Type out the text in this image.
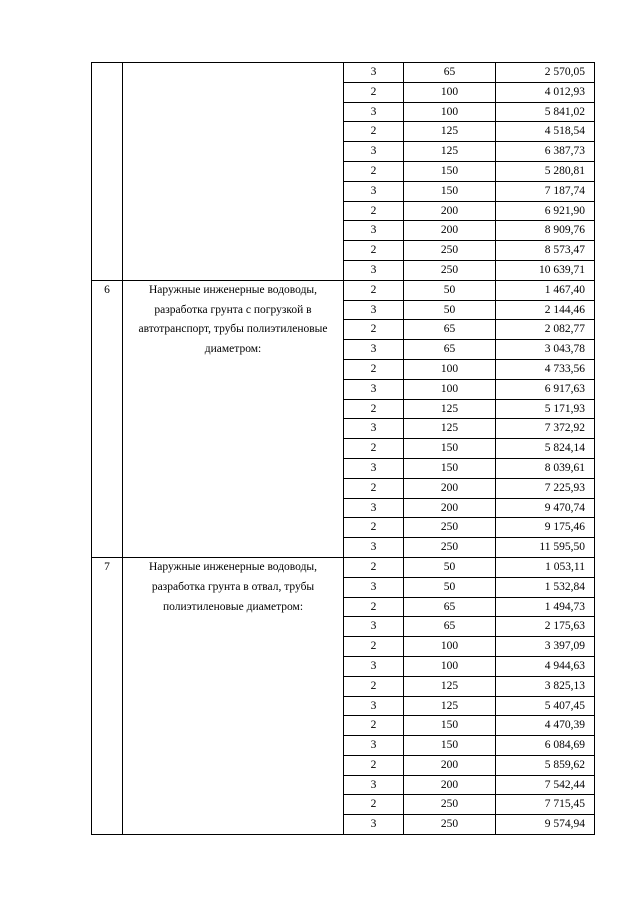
		3	65	2 570,05
		2	100	4 012,93
		3	100	5 841,02
		2	125	4 518,54
		3	125	6 387,73
		2	150	5 280,81
		3	150	7 187,74
		2	200	6 921,90
		3	200	8 909,76
		2	250	8 573,47
		3	250	10 639,71
6	Наружные инженерные водоводы, разработка грунта с погрузкой в автотранспорт, трубы полиэтиленовые диаметром:	2	50	1 467,40
		3	50	2 144,46
		2	65	2 082,77
		3	65	3 043,78
		2	100	4 733,56
		3	100	6 917,63
		2	125	5 171,93
		3	125	7 372,92
		2	150	5 824,14
		3	150	8 039,61
		2	200	7 225,93
		3	200	9 470,74
		2	250	9 175,46
		3	250	11 595,50
7	Наружные инженерные водоводы, разработка грунта в отвал, трубы полиэтиленовые диаметром:	2	50	1 053,11
		3	50	1 532,84
		2	65	1 494,73
		3	65	2 175,63
		2	100	3 397,09
		3	100	4 944,63
		2	125	3 825,13
		3	125	5 407,45
		2	150	4 470,39
		3	150	6 084,69
		2	200	5 859,62
		3	200	7 542,44
		2	250	7 715,45
		3	250	9 574,94
